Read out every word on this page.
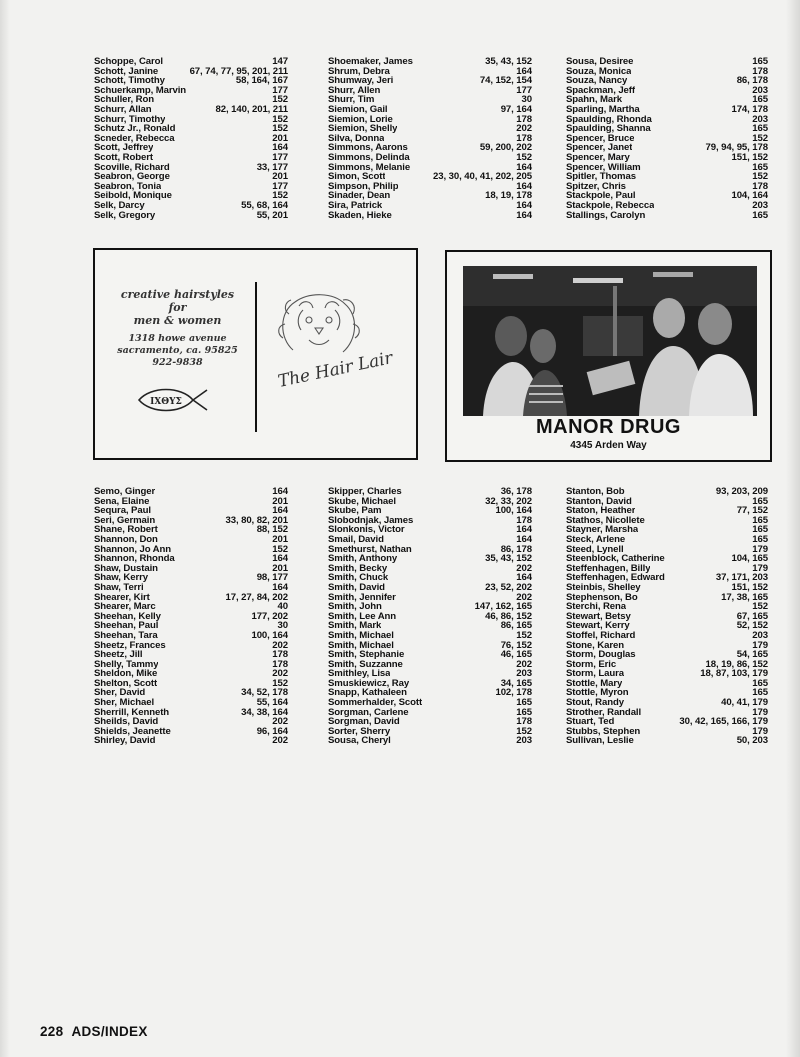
Schoppe, Carol	147
Schott, Janine	67, 74, 77, 95, 201, 211
Schott, Timothy	58, 164, 167
Schuerkamp, Marvin	177
Schuller, Ron	152
Schurr, Allan	82, 140, 201, 211
Schurr, Timothy	152
Schutz Jr., Ronald	152
Scneder, Rebecca	201
Scott, Jeffrey	164
Scott, Robert	177
Scoville, Richard	33, 177
Seabron, George	201
Seabron, Tonia	177
Seibold, Monique	152
Selk, Darcy	55, 68, 164
Selk, Gregory	55, 201
Shoemaker, James	35, 43, 152
Shrum, Debra	164
Shumway, Jeri	74, 152, 154
Shurr, Allen	177
Shurr, Tim	30
Siemion, Gail	97, 164
Siemion, Lorie	178
Siemion, Shelly	202
Silva, Donna	178
Simmons, Aarons	59, 200, 202
Simmons, Delinda	152
Simmons, Melanie	164
Simon, Scott	23, 30, 40, 41, 202, 205
Simpson, Philip	164
Sinader, Dean	18, 19, 178
Sira, Patrick	164
Skaden, Hieke	164
Sousa, Desiree	165
Souza, Monica	178
Souza, Nancy	86, 178
Spackman, Jeff	203
Spahn, Mark	165
Sparling, Martha	174, 178
Spaulding, Rhonda	203
Spaulding, Shanna	165
Spencer, Bruce	152
Spencer, Janet	79, 94, 95, 178
Spencer, Mary	151, 152
Spencer, William	165
Spitler, Thomas	152
Spitzer, Chris	178
Stackpole, Paul	104, 164
Stackpole, Rebecca	203
Stallings, Carolyn	165
creative hairstyles
for
men & women
1318 howe avenue
sacramento, ca. 95825
922-9838
IXΘYΣ
The Hair Lair
MANOR DRUG
4345 Arden Way
Semo, Ginger	164
Sena, Elaine	201
Sequra, Paul	164
Seri, Germain	33, 80, 82, 201
Shane, Robert	88, 152
Shannon, Don	201
Shannon, Jo Ann	152
Shannon, Rhonda	164
Shaw, Dustain	201
Shaw, Kerry	98, 177
Shaw, Terri	164
Shearer, Kirt	17, 27, 84, 202
Shearer, Marc	40
Sheehan, Kelly	177, 202
Sheehan, Paul	30
Sheehan, Tara	100, 164
Sheetz, Frances	202
Sheetz, Jill	178
Shelly, Tammy	178
Sheldon, Mike	202
Shelton, Scott	152
Sher, David	34, 52, 178
Sher, Michael	55, 164
Sherrill, Kenneth	34, 38, 164
Sheilds, David	202
Shields, Jeanette	96, 164
Shirley, David	202
Skipper, Charles	36, 178
Skube, Michael	32, 33, 202
Skube, Pam	100, 164
Slobodnjak, James	178
Slonkonis, Victor	164
Smail, David	164
Smethurst, Nathan	86, 178
Smith, Anthony	35, 43, 152
Smith, Becky	202
Smith, Chuck	164
Smith, David	23, 52, 202
Smith, Jennifer	202
Smith, John	147, 162, 165
Smith, Lee Ann	46, 86, 152
Smith, Mark	86, 165
Smith, Michael	152
Smith, Michael	76, 152
Smith, Stephanie	46, 165
Smith, Suzzanne	202
Smithley, Lisa	203
Smuskiewicz, Ray	34, 165
Snapp, Kathaleen	102, 178
Sommerhalder, Scott	165
Sorgman, Carlene	165
Sorgman, David	178
Sorter, Sherry	152
Sousa, Cheryl	203
Stanton, Bob	93, 203, 209
Stanton, David	165
Staton, Heather	77, 152
Stathos, Nicollete	165
Stayner, Marsha	165
Steck, Arlene	165
Steed, Lynell	179
Steenblock, Catherine	104, 165
Steffenhagen, Billy	179
Steffenhagen, Edward	37, 171, 203
Steinbis, Shelley	151, 152
Stephenson, Bo	17, 38, 165
Sterchi, Rena	152
Stewart, Betsy	67, 165
Stewart, Kerry	52, 152
Stoffel, Richard	203
Stone, Karen	179
Storm, Douglas	54, 165
Storm, Eric	18, 19, 86, 152
Storm, Laura	18, 87, 103, 179
Stottle, Mary	165
Stottle, Myron	165
Stout, Randy	40, 41, 179
Strother, Randall	179
Stuart, Ted	30, 42, 165, 166, 179
Stubbs, Stephen	179
Sullivan, Leslie	50, 203
228 ADS/INDEX
